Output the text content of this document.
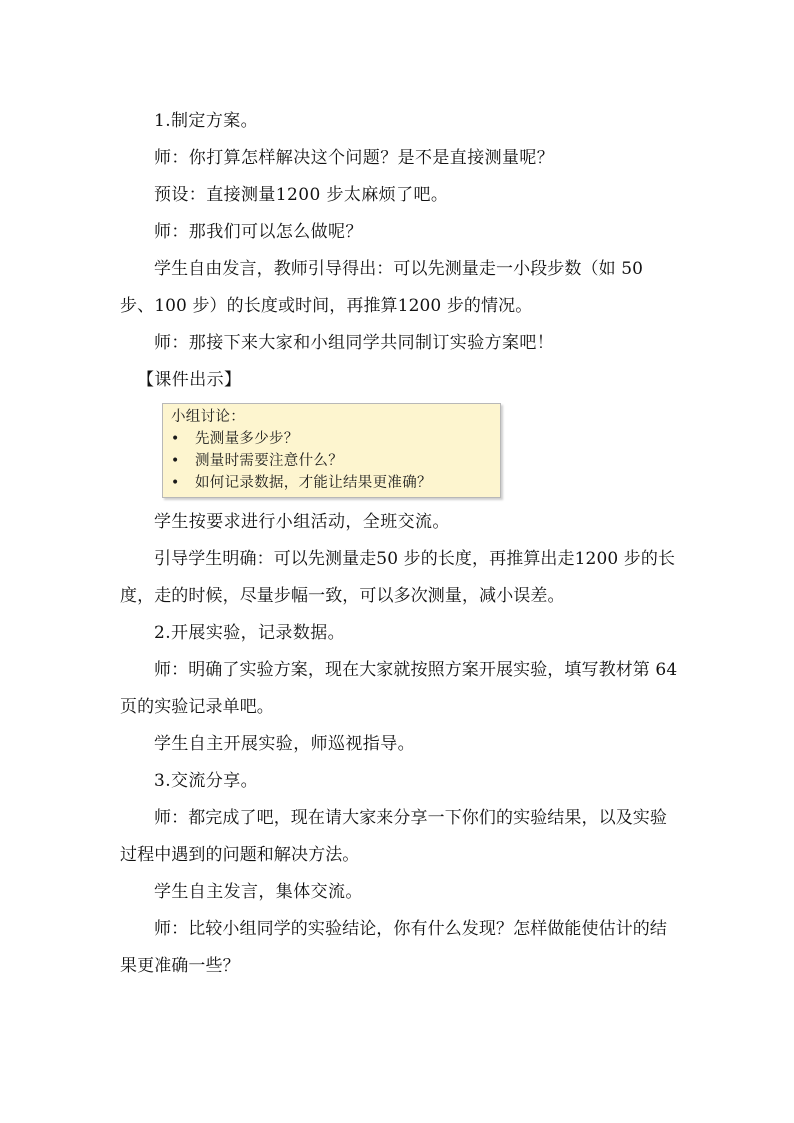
1.制定方案。

师：你打算怎样解决这个问题？是不是直接测量呢？

预设：直接测量1200 步太麻烦了吧。

师：那我们可以怎么做呢？

学生自由发言，教师引导得出：可以先测量走一小段步数（如 50 步、100 步）的长度或时间，再推算1200 步的情况。

师：那接下来大家和小组同学共同制订实验方案吧！

【课件出示】

小组讨论：

•	先测量多少步？

•	测量时需要注意什么？

•	如何记录数据，才能让结果更准确？

学生按要求进行小组活动，全班交流。

引导学生明确：可以先测量走50 步的长度，再推算出走1200 步的长度，走的时候，尽量步幅一致，可以多次测量，减小误差。

2.开展实验，记录数据。

师：明确了实验方案，现在大家就按照方案开展实验，填写教材第 64 页的实验记录单吧。

学生自主开展实验，师巡视指导。

3.交流分享。

师：都完成了吧，现在请大家来分享一下你们的实验结果，以及实验过程中遇到的问题和解决方法。

学生自主发言，集体交流。

师：比较小组同学的实验结论，你有什么发现？怎样做能使估计的结果更准确一些？
